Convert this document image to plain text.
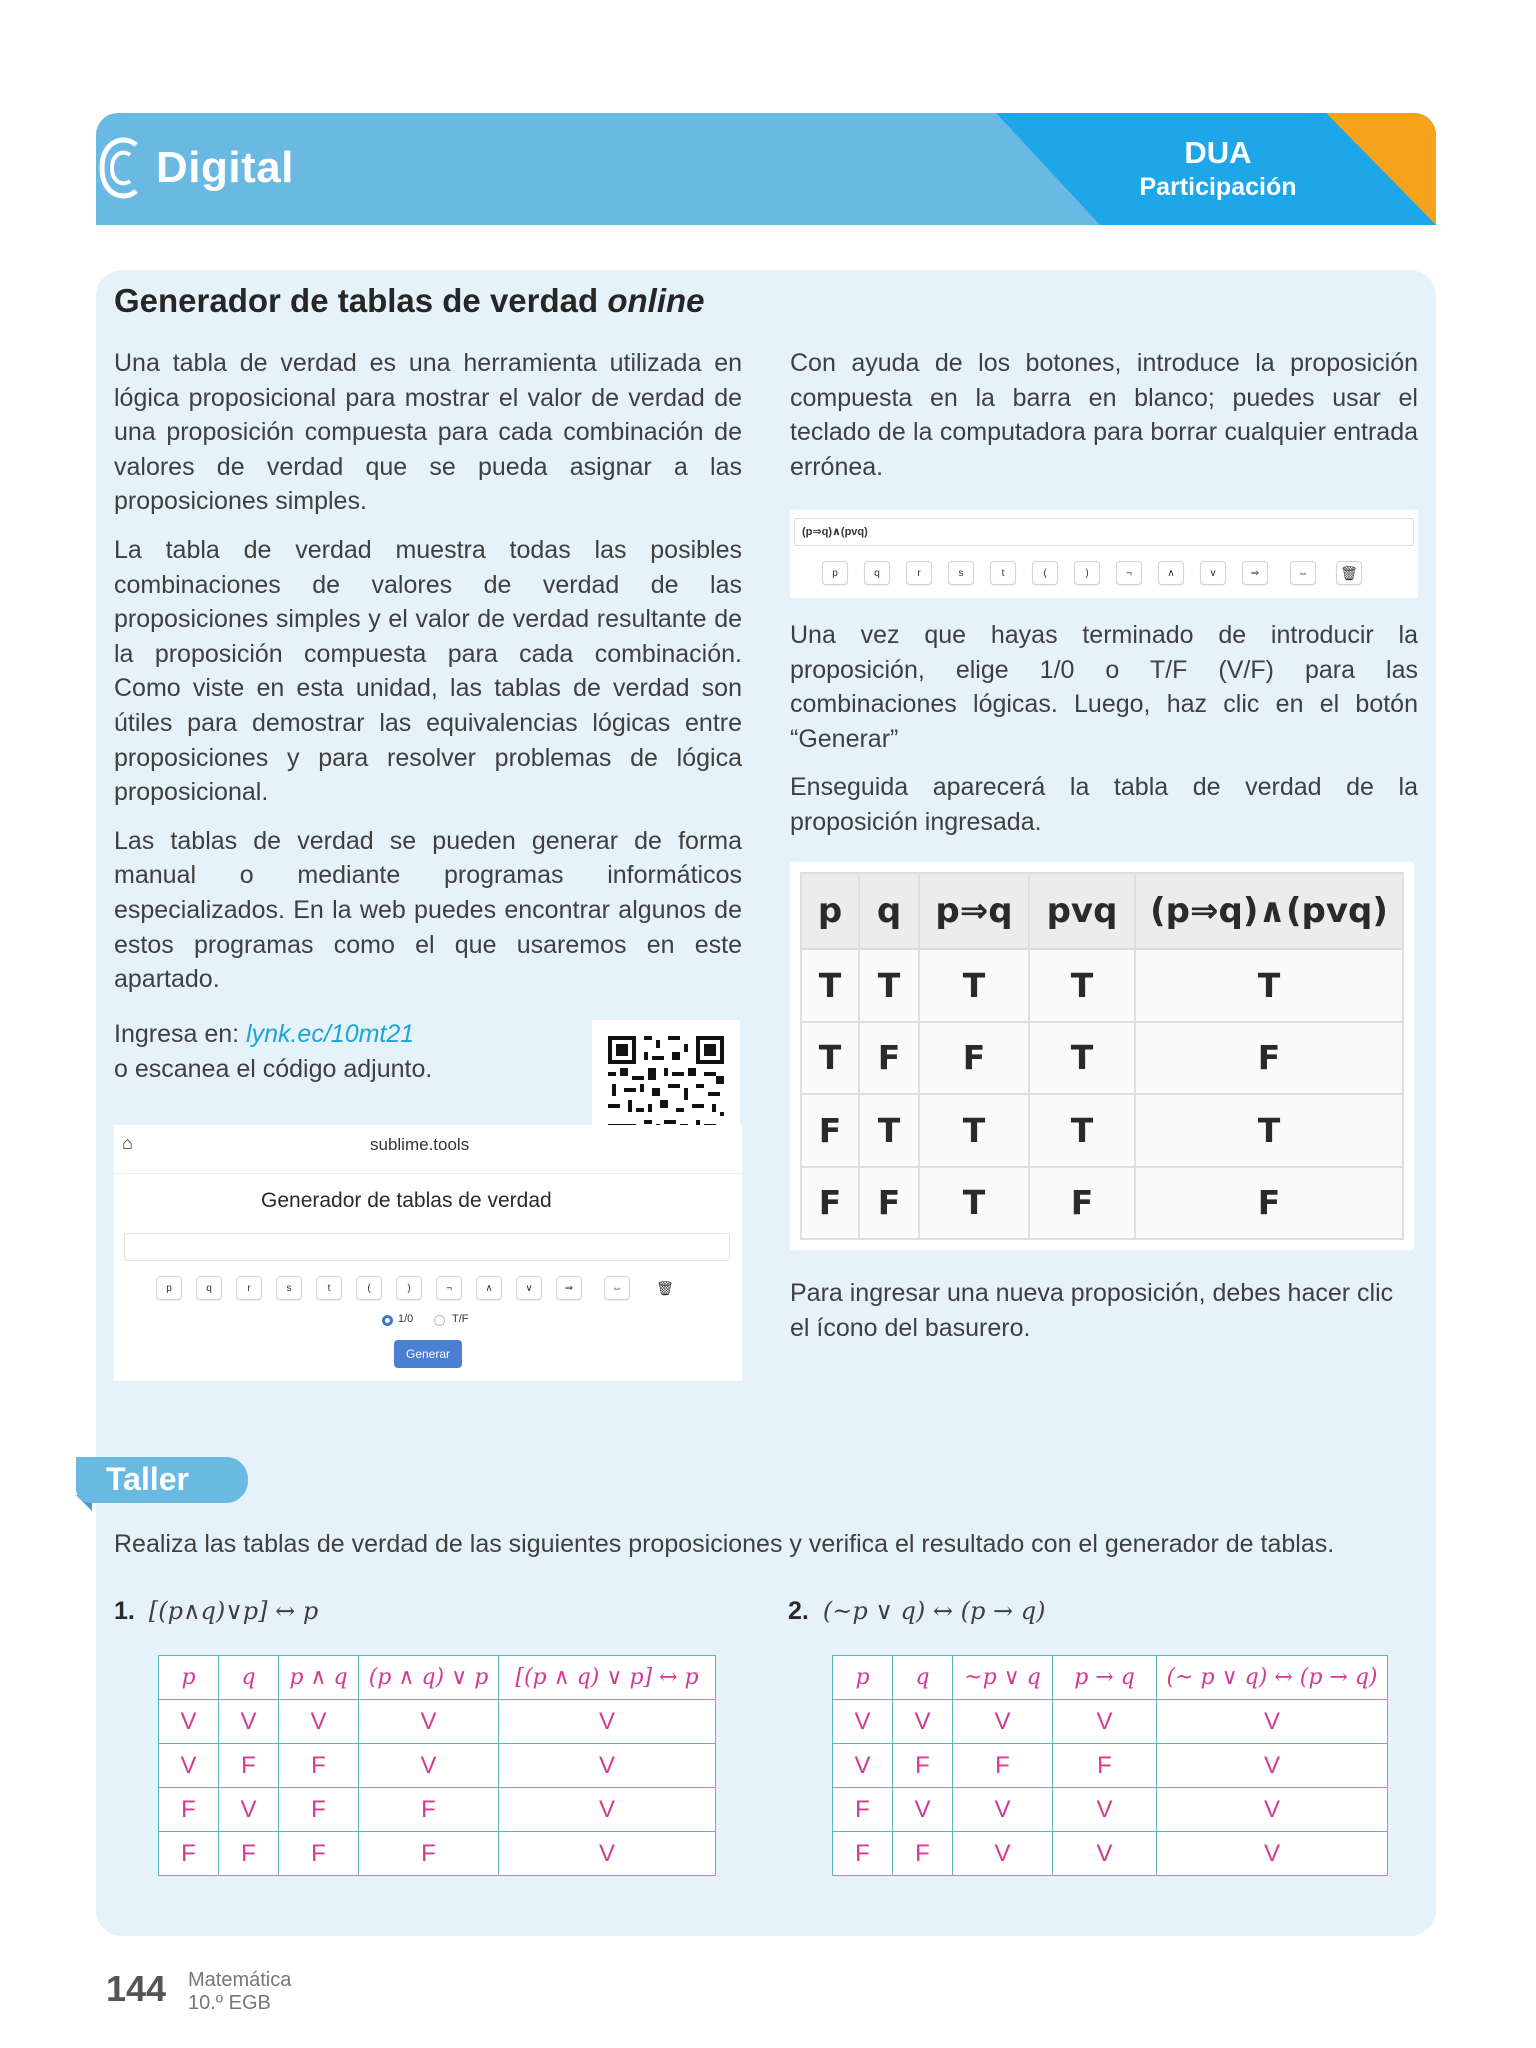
Digital	DUA
Participación
Generador de tablas de verdad online

Una tabla de verdad es una herramienta utilizada en lógica proposicional para mostrar el valor de verdad de una proposición compuesta para cada combinación de valores de verdad que se pueda asignar a las proposiciones simples.

La tabla de verdad muestra todas las posibles combinaciones de valores de verdad de las proposiciones simples y el valor de verdad resultante de la proposición compuesta para cada combinación. Como viste en esta unidad, las tablas de verdad son útiles para demostrar las equivalencias lógicas entre proposiciones y para resolver problemas de lógica proposicional.

Las tablas de verdad se pueden generar de forma manual o mediante programas informáticos especializados. En la web puedes encontrar algunos de estos programas como el que usaremos en este apartado.

Ingresa en: lynk.ec/10mt21
o escanea el código adjunto.
⌂	sublime.tools
Generador de tablas de verdad
p	q	r	s	t	(	)	¬	∧	∨	⇒	⇔	🗑
1/0	T/F
Generar

Con ayuda de los botones, introduce la proposición compuesta en la barra en blanco; puedes usar el teclado de la computadora para borrar cualquier entrada errónea.

(p⇒q)∧(pvq)
p	q	r	s	t	(	)	¬	∧	∨	⇒	⇔	🗑

Una vez que hayas terminado de introducir la proposición, elige 1/0 o T/F (V/F) para las combinaciones lógicas. Luego, haz clic en el botón “Generar”

Enseguida aparecerá la tabla de verdad de la proposición ingresada.

p	q	p⇒q	pvq	(p⇒q)∧(pvq)
T	T	T	T	T
T	F	F	T	F
F	T	T	T	T
F	F	T	F	F

Para ingresar una nueva proposición, debes hacer clic el ícono del basurero.

Taller
Realiza las tablas de verdad de las siguientes proposiciones y verifica el resultado con el generador de tablas.
1. [(p∧q)∨p] ↔ p	2. (~p ∨ q) ↔ (p → q)
p	q	p ∧ q	(p ∧ q) ∨ p	[(p ∧ q) ∨ p] ↔ p
V	V	V	V	V
V	F	F	V	V
F	V	F	F	V
F	F	F	F	V
p	q	~p ∨ q	p → q	(~ p ∨ q) ↔ (p → q)
V	V	V	V	V
V	F	F	F	V
F	V	V	V	V
F	F	V	V	V
144 Matemática
10.º EGB
